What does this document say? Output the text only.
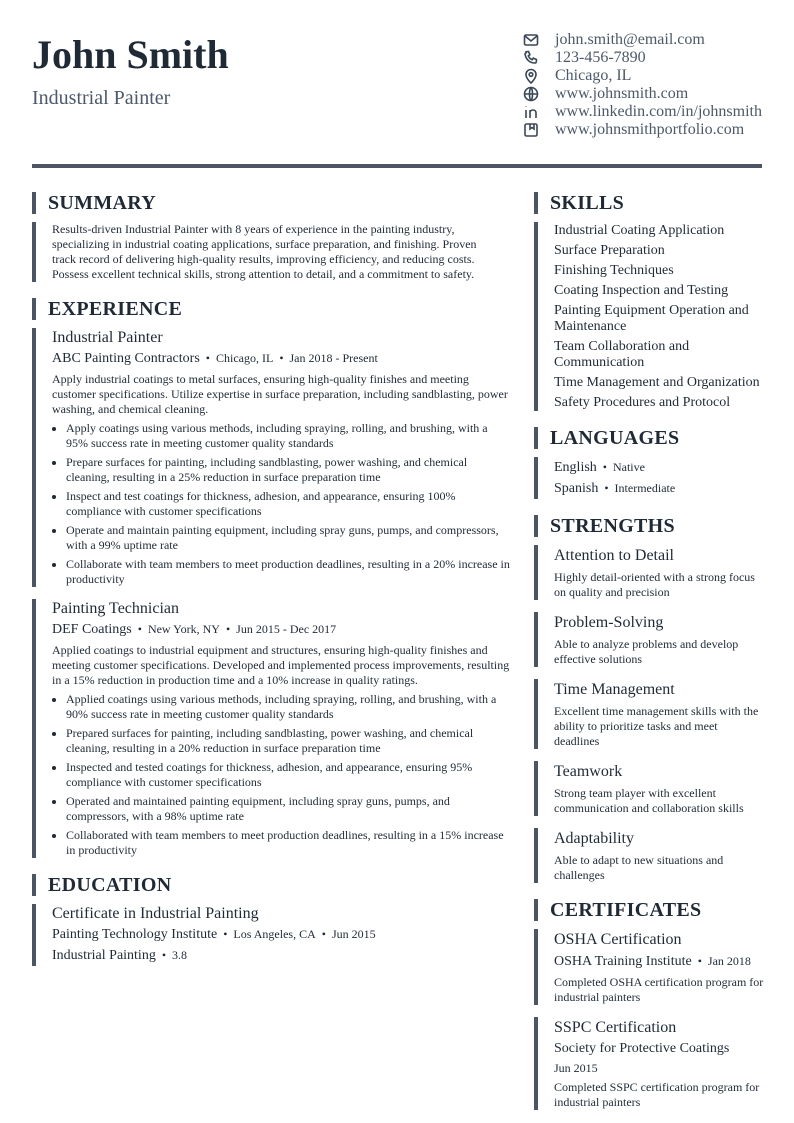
John Smith
Industrial Painter
john.smith@email.com
123-456-7890
Chicago, IL
www.johnsmith.com
www.linkedin.com/in/johnsmith
www.johnsmithportfolio.com
SUMMARY
Results-driven Industrial Painter with 8 years of experience in the painting industry, specializing in industrial coating applications, surface preparation, and finishing. Proven track record of delivering high-quality results, improving efficiency, and reducing costs. Possess excellent technical skills, strong attention to detail, and a commitment to safety.
EXPERIENCE
Industrial Painter
ABC Painting Contractors • Chicago, IL • Jan 2018 - Present
Apply industrial coatings to metal surfaces, ensuring high-quality finishes and meeting customer specifications. Utilize expertise in surface preparation, including sandblasting, power washing, and chemical cleaning.
• Apply coatings using various methods, including spraying, rolling, and brushing, with a 95% success rate in meeting customer quality standards
• Prepare surfaces for painting, including sandblasting, power washing, and chemical cleaning, resulting in a 25% reduction in surface preparation time
• Inspect and test coatings for thickness, adhesion, and appearance, ensuring 100% compliance with customer specifications
• Operate and maintain painting equipment, including spray guns, pumps, and compressors, with a 99% uptime rate
• Collaborate with team members to meet production deadlines, resulting in a 20% increase in productivity
Painting Technician
DEF Coatings • New York, NY • Jun 2015 - Dec 2017
Applied coatings to industrial equipment and structures, ensuring high-quality finishes and meeting customer specifications. Developed and implemented process improvements, resulting in a 15% reduction in production time and a 10% increase in quality ratings.
• Applied coatings using various methods, including spraying, rolling, and brushing, with a 90% success rate in meeting customer quality standards
• Prepared surfaces for painting, including sandblasting, power washing, and chemical cleaning, resulting in a 20% reduction in surface preparation time
• Inspected and tested coatings for thickness, adhesion, and appearance, ensuring 95% compliance with customer specifications
• Operated and maintained painting equipment, including spray guns, pumps, and compressors, with a 98% uptime rate
• Collaborated with team members to meet production deadlines, resulting in a 15% increase in productivity
EDUCATION
Certificate in Industrial Painting
Painting Technology Institute • Los Angeles, CA • Jun 2015
Industrial Painting • 3.8
SKILLS
Industrial Coating Application
Surface Preparation
Finishing Techniques
Coating Inspection and Testing
Painting Equipment Operation and Maintenance
Team Collaboration and Communication
Time Management and Organization
Safety Procedures and Protocol
LANGUAGES
English • Native
Spanish • Intermediate
STRENGTHS
Attention to Detail
Highly detail-oriented with a strong focus on quality and precision
Problem-Solving
Able to analyze problems and develop effective solutions
Time Management
Excellent time management skills with the ability to prioritize tasks and meet deadlines
Teamwork
Strong team player with excellent communication and collaboration skills
Adaptability
Able to adapt to new situations and challenges
CERTIFICATES
OSHA Certification
OSHA Training Institute • Jan 2018
Completed OSHA certification program for industrial painters
SSPC Certification
Society for Protective Coatings
Jun 2015
Completed SSPC certification program for industrial painters
